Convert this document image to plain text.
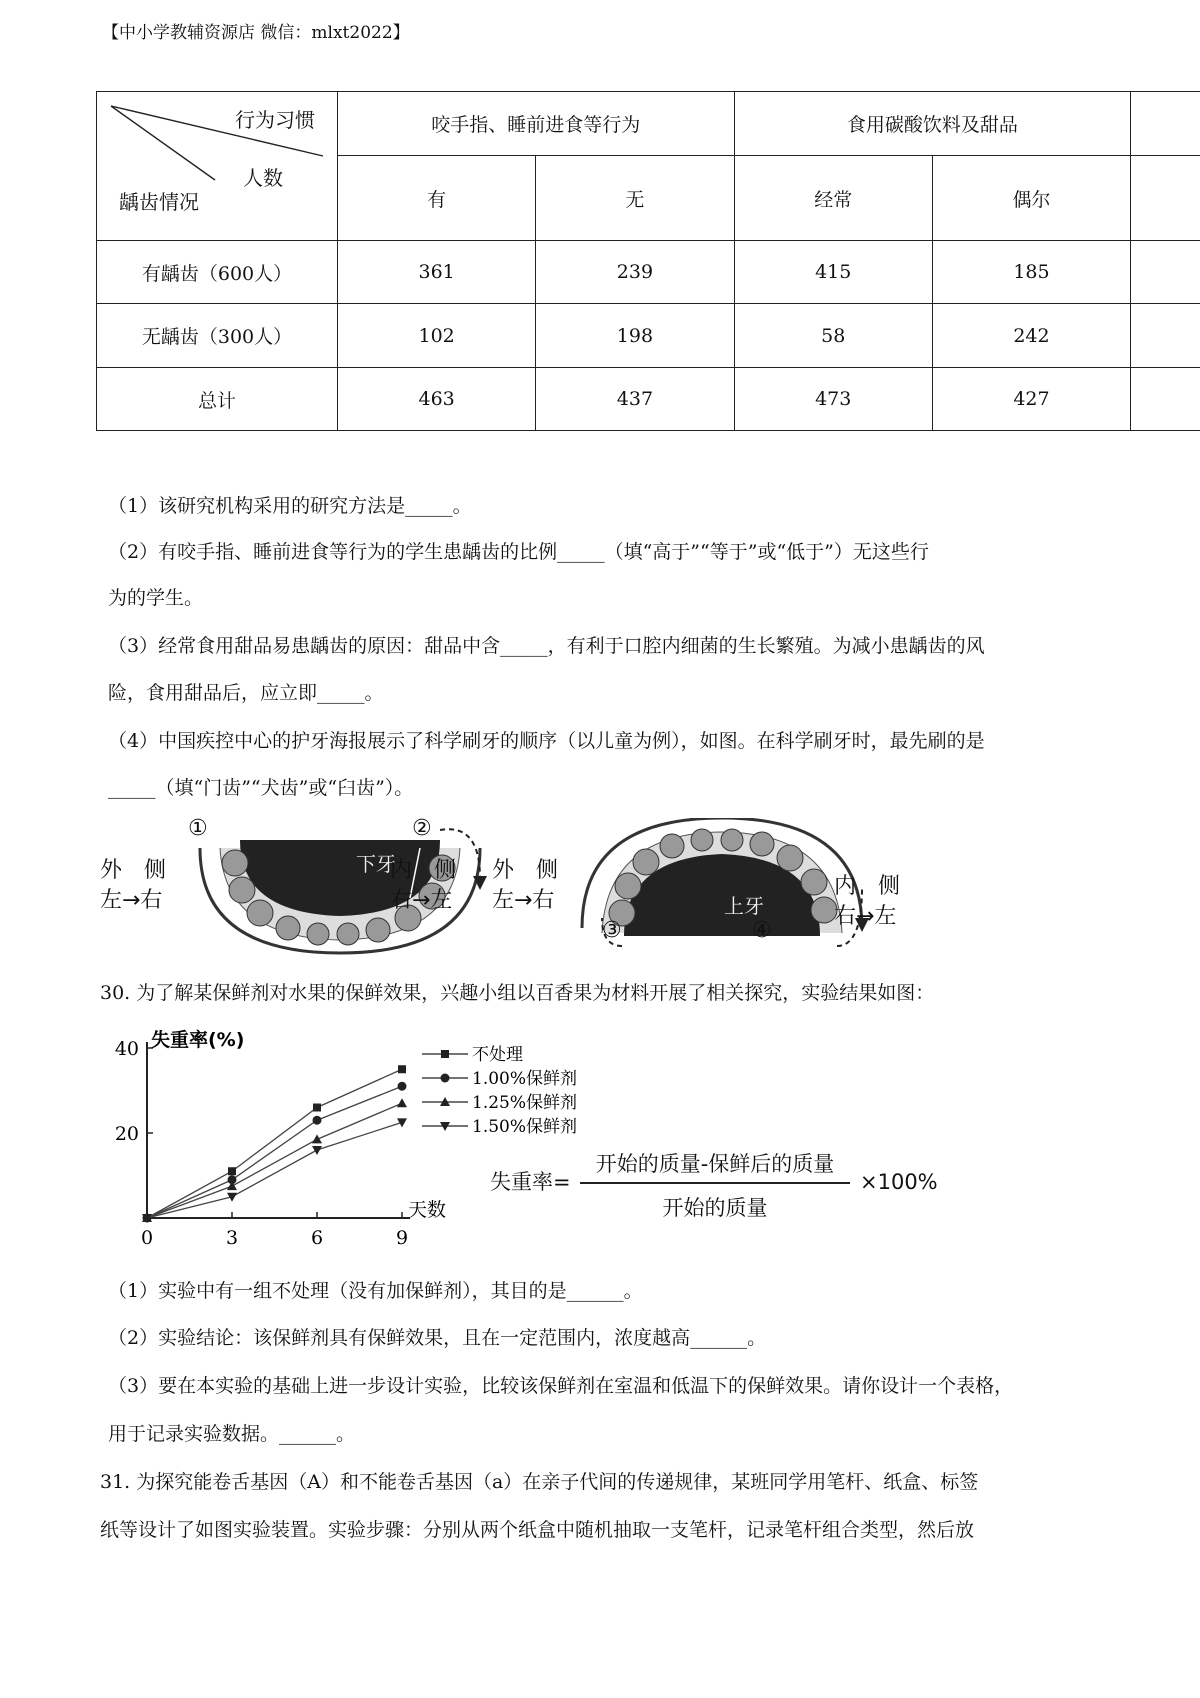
【中小学教辅资源店 微信：mlxt2022】
行为习惯
人数
龋齿情况	咬手指、睡前进食等行为		食用碳酸饮料及甜品		
	有	无	经常	偶尔	
有龋齿（600人）	361	239	415	185	
无龋齿（300人）	102	198	58	242	
总计	463	437	473	427	
（1）该研究机构采用的研究方法是_____。
（2）有咬手指、睡前进食等行为的学生患龋齿的比例_____（填“高于”“等于”或“低于”）无这些行
为的学生。
（3）经常食用甜品易患龋齿的原因：甜品中含_____，有利于口腔内细菌的生长繁殖。为减小患龋齿的风
险，食用甜品后，应立即_____。
（4）中国疾控中心的护牙海报展示了科学刷牙的顺序（以儿童为例），如图。在科学刷牙时，最先刷的是
_____（填“门齿”“犬齿”或“臼齿”）。
外　侧
左→右
①	②
下牙
内　侧
右→左
外　侧
左→右
③	④
上牙
内　侧
右→左
30. 为了解某保鲜剂对水果的保鲜效果，兴趣小组以百香果为材料开展了相关探究，实验结果如图：
0	3	6	9
20
40 失重率(%)
天数
不处理
1.00%保鲜剂
1.25%保鲜剂
1.50%保鲜剂
失重率=
开始的质量-保鲜后的质量
开始的质量
×100%
（1）实验中有一组不处理（没有加保鲜剂），其目的是______。
（2）实验结论：该保鲜剂具有保鲜效果，且在一定范围内，浓度越高______。
（3）要在本实验的基础上进一步设计实验，比较该保鲜剂在室温和低温下的保鲜效果。请你设计一个表格，
用于记录实验数据。______。
31. 为探究能卷舌基因（A）和不能卷舌基因（a）在亲子代间的传递规律，某班同学用笔杆、纸盒、标签
纸等设计了如图实验装置。实验步骤：分别从两个纸盒中随机抽取一支笔杆，记录笔杆组合类型，然后放
